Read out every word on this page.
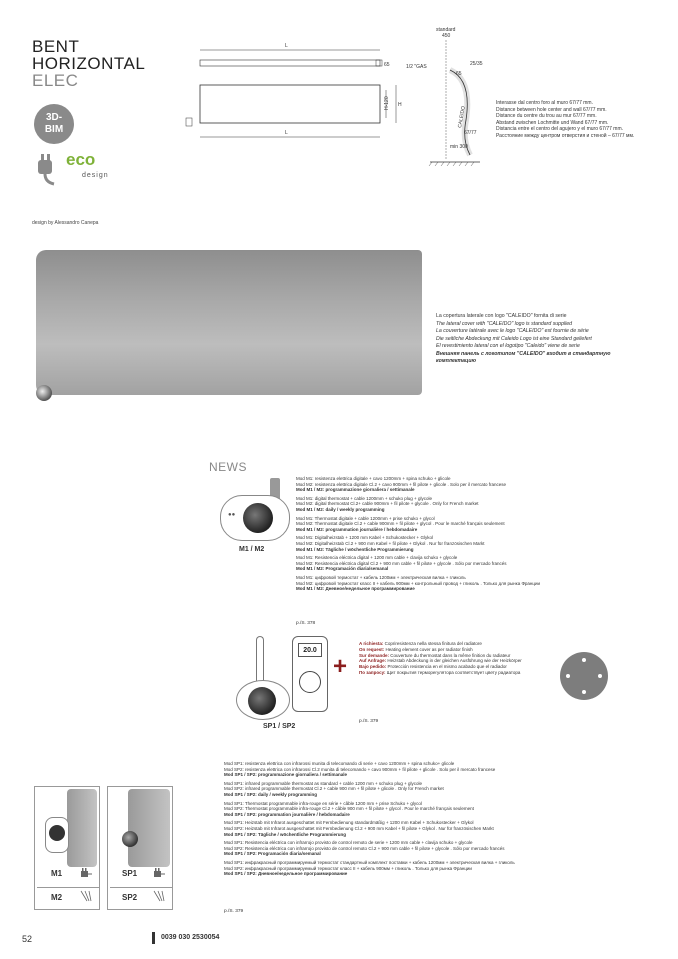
BENT
HORIZONTAL
ELEC
3D-
BIM
eco
design
L
65
H-120 H
L
standard
450
1/2 "GAS
65
25/35
CALEIDO
67/77
min 300
Interasse dal centro foro al muro 67/77 mm.
Distance between hole center and wall 67/77 mm.
Distance du centre du trou au mur 67/77 mm.
Abstand zwischen Lochmitte und Wand 67/77 mm.
Distancia entre el centro del agujero y el muro 67/77 mm.
Расстояние между центром отверстия и стеной – 67/77 мм.
design by Alessandro Canepa
La copertura laterale con logo "CALEIDO" fornita di serie
The lateral cover with "CALEIDO" logo is standard supplied
La couverture latérale avec le logo "CALEIDO" est fournie de série
Die seitliche Abdeckung mit Caleido Logo ist eine Standard geliefert
El revestimiento lateral con el logotipo "Caleido" viene de serie
Внешняя панель с логотипом "CALEIDO" входит в стандартную комплектацию
NEWS
●●
M1 / M2
Mod M1: resistenza elettrica digitale + cavo 1200mm + spina schuko + glicole
Mod M2: resistenza elettrica digitale Cl.2 + cavo 900mm + fil pilote + glicole . Solo per il mercato francese
Mod M1 / M2: programmazione giornaliera / settimanale
Mod M1: digital thermostat + cable 1200mm + schuko plug + glycole
Mod M2: digital thermostat Cl.2+ cable 900mm + fil pilote + glycole . Only for French market
Mod M1 / M2: daily / weekly programming
Mod M1: Thermostat digitale + cable 1200mm + prise schuko + glycol
Mod M2: Thermostat digitale Cl.2 + cable 900mm + fil pilote + glycol . Pour le marché français seulement
Mod M1 / M2: programmation journalière / hebdomadaire
Mod M1: Digitalheizstab + 1200 mm Kabel + Schukostecker + Glykol
Mod M2: Digitalheizstab Cl.2 + 900 mm Kabel + fil pilote + Glykol . Nur für französischen Markt
Mod M1 / M2: Tägliche / wöchentliche Programmierung
Mod M1: Resistencia eléctrica digital + 1200 mm cable + clavija schuko + glycole
Mod M2: Resistencia eléctrica digital Cl.2 + 900 mm cable + fil pilote + glycole . Sólo por mercado francés
Mod M1 / M2: Programación diaria/semanal
Mod M1: цифровой термостат + кабель 1200мм + электрическая вилка + гликоль
Mod M2: цифровой термостат класс II + кабель 900мм + контрольный провод + гликоль . Только для рынка Франции
Mod M1 / M2: Дневное/недельное программирование
p./S. 378
20.0
+
SP1 / SP2
A richiesta: Copriresistenza nella stessa finitura del radiatore
On request: Heating element cover as per radiator finish
Sur demande: Couverture du thermostat dans la même finition du radiateur
Auf Anfrage: Heizstab Abdeckung in der gleichen Ausführung wie der Heizkörper
Bajo pedido: Protección resistencia en el mismo acabado que el radiador
По запросу: Щит покрытия терморегулятора соответствует цвету радиатора
p./S. 379
Mod SP1: resistenza elettrica con infrarossi munita di telecomando di serie + cavo 1200mm + spina schuko+ glicole
Mod SP2: resistenza elettrica con infrarossi Cl.2 munita di telecomando + cavo 900mm + fil pilote + glicole . Solo per il mercato francese
Mod SP1 / SP2: programmazione giornaliera / settimanale
Mod SP1: infrared programmable thermostat as standard + cable 1200 mm + schuko plug + glycole
Mod SP2: infrared programmable thermostat Cl.2 + cable 900 mm + fil pilote + glicole . Only for French market
Mod SP1 / SP2: daily / weekly programming
Mod SP1: Thermostat programmable infra-rouge en série + câble 1200 mm + prise Schuko + glycol
Mod SP2: Thermostat programmable infra-rouge Cl.2 + câble 900 mm + fil pilote + glycol . Pour le marché français seulement
Mod SP1 / SP2: programmation journalière / hebdomadaire
Mod SP1: Heizstab mit Infrarot ausgeschattet mit Fernbedienung standardmäßig + 1200 mm Kabel + Schukostecker + Glykol
Mod SP2: Heizstab mit Infrarot ausgeschattet mit Fernbedienung Cl.2 + 900 mm Kabel + fil pilote + Glykol . Nur für französischen Markt
Mod SP1 / SP2: Tägliche / wöchentliche Programmierung
Mod SP1: Resistencia eléctrica con infrarrojo provisto de control remoto de serie + 1200 mm cable + clavija schuko + glycole
Mod SP2: Resistencia eléctrica con infrarrojo provisto de control remoto Cl.2 + 900 mm cable + fil pilote + glycole . Sólo por mercado francés
Mod SP1 / SP2: Programación diaria/semanal
Mod SP1: инфракрасный программируемый термостат стандартный комплект поставки + кабель 1200мм + электрическая вилка + гликоль
Mod SP2: инфракрасный программируемый термостат класс II + кабель 900мм + гликоль . Только для рынка Франции
Mod SP1 / SP2: Дневное/недельное программирование
p./S. 379
M1
M2
SP1
SP2
52	0039 030 2530054
